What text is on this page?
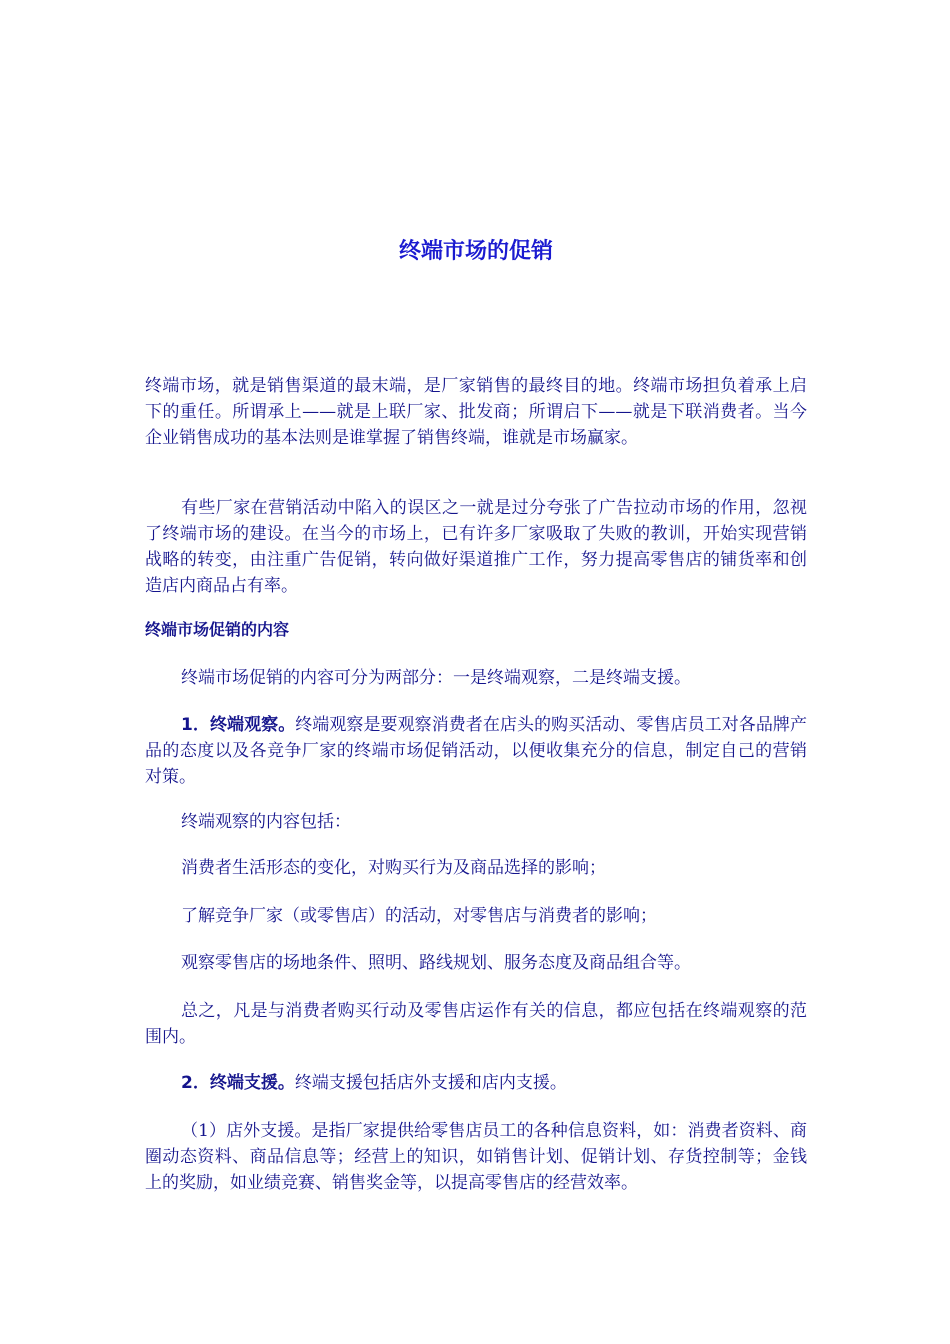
终端市场的促销

终端市场，就是销售渠道的最末端，是厂家销售的最终目的地。终端市场担负着承上启下的重任。所谓承上——就是上联厂家、批发商；所谓启下——就是下联消费者。当今企业销售成功的基本法则是谁掌握了销售终端，谁就是市场赢家。

有些厂家在营销活动中陷入的误区之一就是过分夸张了广告拉动市场的作用，忽视了终端市场的建设。在当今的市场上，已有许多厂家吸取了失败的教训，开始实现营销战略的转变，由注重广告促销，转向做好渠道推广工作，努力提高零售店的铺货率和创造店内商品占有率。

终端市场促销的内容

终端市场促销的内容可分为两部分：一是终端观察，二是终端支援。

1．终端观察。终端观察是要观察消费者在店头的购买活动、零售店员工对各品牌产品的态度以及各竞争厂家的终端市场促销活动，以便收集充分的信息，制定自己的营销对策。

终端观察的内容包括：

消费者生活形态的变化，对购买行为及商品选择的影响；

了解竞争厂家（或零售店）的活动，对零售店与消费者的影响；

观察零售店的场地条件、照明、路线规划、服务态度及商品组合等。

总之，凡是与消费者购买行动及零售店运作有关的信息，都应包括在终端观察的范围内。

2．终端支援。终端支援包括店外支援和店内支援。

（1）店外支援。是指厂家提供给零售店员工的各种信息资料，如：消费者资料、商圈动态资料、商品信息等；经营上的知识，如销售计划、促销计划、存货控制等；金钱上的奖励，如业绩竞赛、销售奖金等，以提高零售店的经营效率。
